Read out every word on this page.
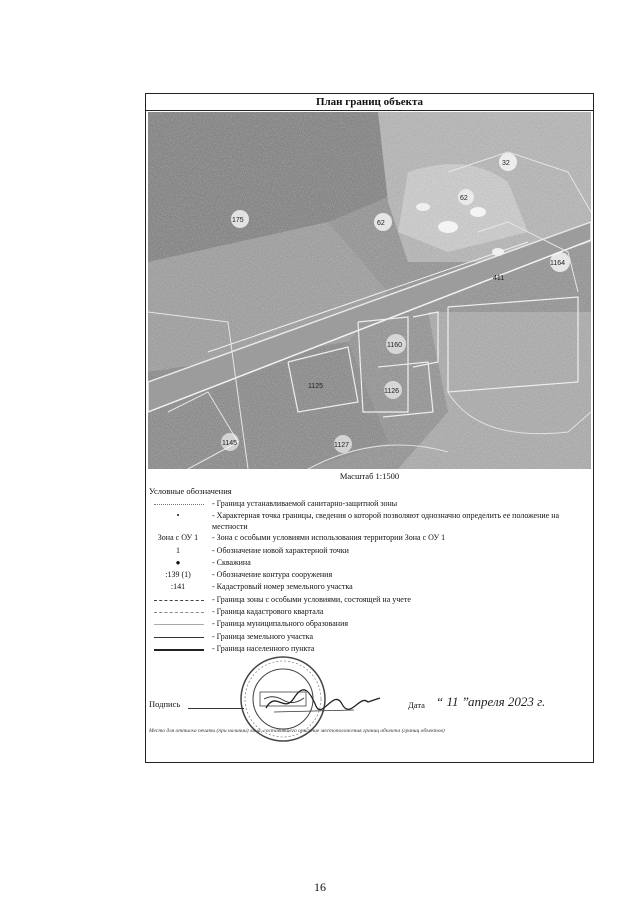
План границ объекта
175	62
32
62
1164
411
1160
1125
1126
1127
1145
Масштаб 1:1500
Условные обозначения
- Граница устанавливаемой санитарно-защитной зоны
•	- Характерная точка границы, сведения о которой позволяют однозначно определить ее положение на местности
Зона с ОУ 1	- Зона с особыми условиями использования территории Зона с ОУ 1
1	- Обозначение новой характерной точки
●	- Скважина
:139 (1)	- Обозначение контура сооружения
:141	- Кадастровый номер земельного участка
- Граница зоны с особыми условиями, состоящей на учете
- Граница кадастрового квартала
- Граница муниципального образования
- Граница земельного участка
- Граница населенного пункта
Подпись	Дата “ 11 ” апреля 2023 г.
Место для оттиска печати (при наличии) лица, составившего описание местоположения границ объекта (границ объектов)
16
